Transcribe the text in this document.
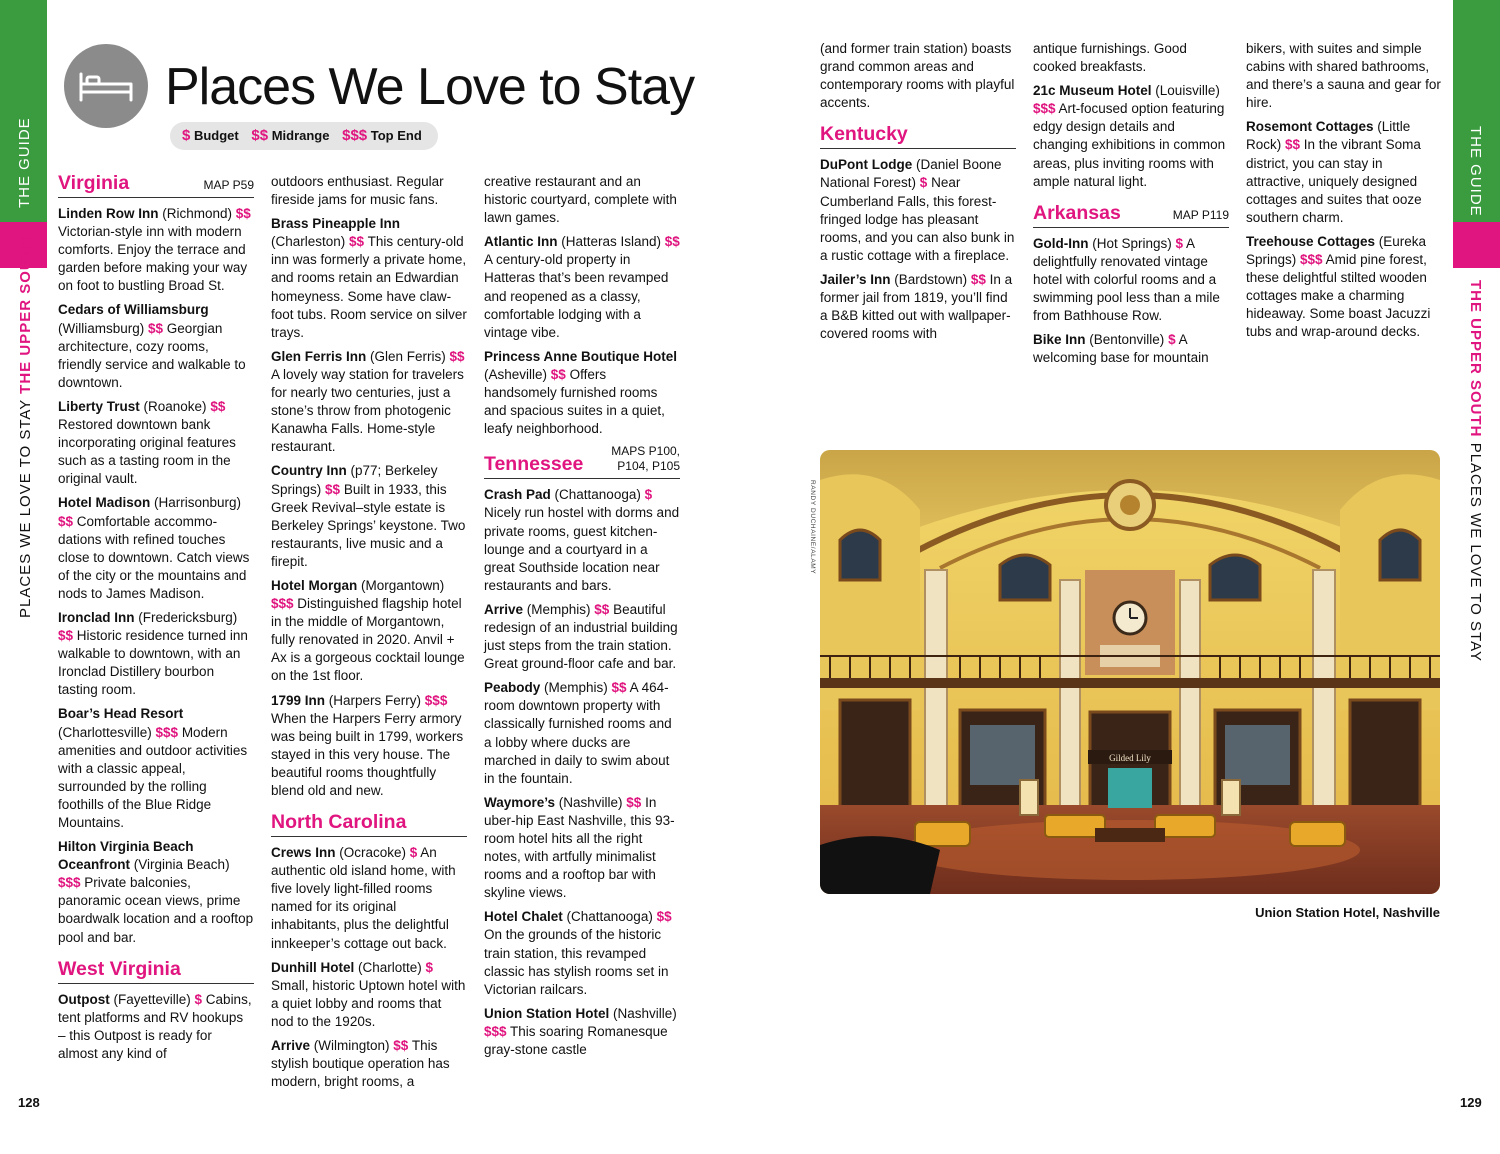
THE GUIDE
PLACES WE LOVE TO STAY THE UPPER SOUTH
128
THE GUIDE
THE UPPER SOUTH PLACES WE LOVE TO STAY
129
Places We Love to Stay
$ Budget $$ Midrange $$$ Top End
Virginia	MAP P59

Linden Row Inn (Richmond) $$ Victorian-style inn with modern comforts. Enjoy the terrace and garden before making your way on foot to bustling Broad St.

Cedars of Williamsburg (Williamsburg) $$ Georgian architecture, cozy rooms, friendly service and walkable to downtown.

Liberty Trust (Roanoke) $$ Restored downtown bank incorporating original features such as a tasting room in the original vault.

Hotel Madison (Harrisonburg) $$ Comfortable accommo-dations with refined touches close to downtown. Catch views of the city or the mountains and nods to James Madison.

Ironclad Inn (Fredericksburg) $$ Historic residence turned inn walkable to downtown, with an Ironclad Distillery bourbon tasting room.

Boar’s Head Resort (Charlottesville) $$$ Modern amenities and outdoor activities with a classic appeal, surrounded by the rolling foothills of the Blue Ridge Mountains.

Hilton Virginia Beach Oceanfront (Virginia Beach) $$$ Private balconies, panoramic ocean views, prime boardwalk location and a rooftop pool and bar.

West Virginia

Outpost (Fayetteville) $ Cabins, tent platforms and RV hookups – this Outpost is ready for almost any kind of

outdoors enthusiast. Regular fireside jams for music fans.

Brass Pineapple Inn (Charleston) $$ This century-old inn was formerly a private home, and rooms retain an Edwardian homeyness. Some have claw-foot tubs. Room service on silver trays.

Glen Ferris Inn (Glen Ferris) $$ A lovely way station for travelers for nearly two centuries, just a stone’s throw from photogenic Kanawha Falls. Home-style restaurant.

Country Inn (p77; Berkeley Springs) $$ Built in 1933, this Greek Revival–style estate is Berkeley Springs’ keystone. Two restaurants, live music and a firepit.

Hotel Morgan (Morgantown) $$$ Distinguished flagship hotel in the middle of Morgantown, fully renovated in 2020. Anvil + Ax is a gorgeous cocktail lounge on the 1st floor.

1799 Inn (Harpers Ferry) $$$ When the Harpers Ferry armory was being built in 1799, workers stayed in this very house. The beautiful rooms thoughtfully blend old and new.

North Carolina

Crews Inn (Ocracoke) $ An authentic old island home, with five lovely light-filled rooms named for its original inhabitants, plus the delightful innkeeper’s cottage out back.

Dunhill Hotel (Charlotte) $ Small, historic Uptown hotel with a quiet lobby and rooms that nod to the 1920s.

Arrive (Wilmington) $$ This stylish boutique operation has modern, bright rooms, a

creative restaurant and an historic courtyard, complete with lawn games.

Atlantic Inn (Hatteras Island) $$ A century-old property in Hatteras that’s been revamped and reopened as a classy, comfortable lodging with a vintage vibe.

Princess Anne Boutique Hotel (Asheville) $$ Offers handsomely furnished rooms and spacious suites in a quiet, leafy neighborhood.

Tennessee
MAPS P100,
P104, P105

Crash Pad (Chattanooga) $ Nicely run hostel with dorms and private rooms, guest kitchen-lounge and a courtyard in a great Southside location near restaurants and bars.

Arrive (Memphis) $$ Beautiful redesign of an industrial building just steps from the train station. Great ground-floor cafe and bar.

Peabody (Memphis) $$ A 464-room downtown property with classically furnished rooms and a lobby where ducks are marched in daily to swim about in the fountain.

Waymore’s (Nashville) $$ In uber-hip East Nashville, this 93-room hotel hits all the right notes, with artfully minimalist rooms and a rooftop bar with skyline views.

Hotel Chalet (Chattanooga) $$ On the grounds of the historic train station, this revamped classic has stylish rooms set in Victorian railcars.

Union Station Hotel (Nashville) $$$ This soaring Romanesque gray-stone castle

(and former train station) boasts grand common areas and contemporary rooms with playful accents.

Kentucky

DuPont Lodge (Daniel Boone National Forest) $ Near Cumberland Falls, this forest-fringed lodge has pleasant rooms, and you can also bunk in a rustic cottage with a fireplace.

Jailer’s Inn (Bardstown) $$ In a former jail from 1819, you’ll find a B&B kitted out with wallpaper-covered rooms with

antique furnishings. Good cooked breakfasts.

21c Museum Hotel (Louisville) $$$ Art-focused option featuring edgy design details and changing exhibitions in common areas, plus inviting rooms with ample natural light.

Arkansas	MAP P119

Gold-Inn (Hot Springs) $ A delightfully renovated vintage hotel with colorful rooms and a swimming pool less than a mile from Bathhouse Row.

Bike Inn (Bentonville) $ A welcoming base for mountain

bikers, with suites and simple cabins with shared bathrooms, and there’s a sauna and gear for hire.

Rosemont Cottages (Little Rock) $$ In the vibrant Soma district, you can stay in attractive, uniquely designed cottages and suites that ooze southern charm.

Treehouse Cottages (Eureka Springs) $$$ Amid pine forest, these delightful stilted wooden cottages make a charming hideaway. Some boast Jacuzzi tubs and wrap-around decks.

RANDY DUCHAINE/ALAMY
Gilded Lily
Union Station Hotel, Nashville
